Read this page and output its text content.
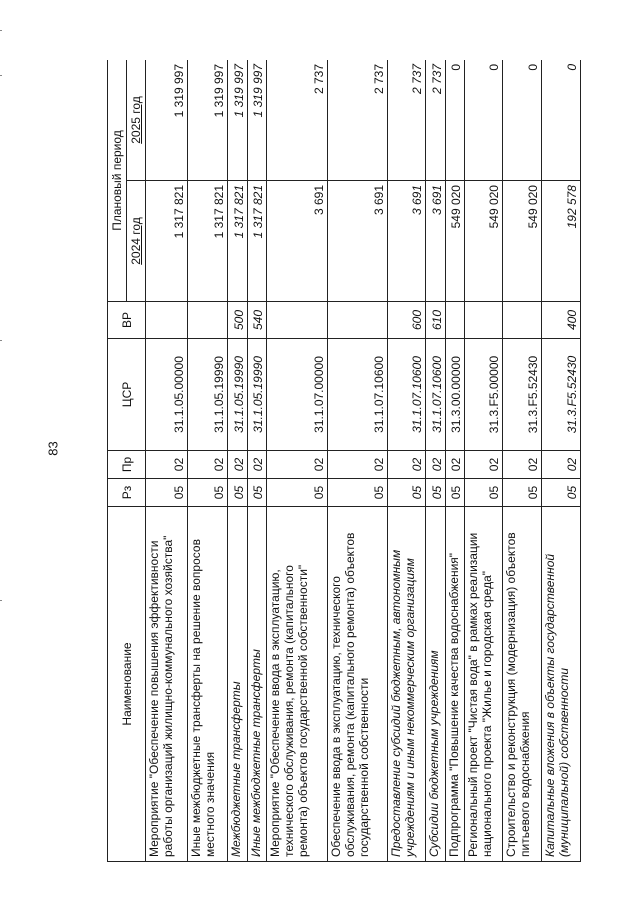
83
Наименование	Рз	Пр	ЦСР	ВР	Плановый период	
					2024 год	2025 год
Мероприятие "Обеспечение повышения эффективности работы организаций жилищно-коммунального хозяйства"	05	02	31.1.05.00000		1 317 821	1 319 997
Иные межбюджетные трансферты на решение вопросов местного значения	05	02	31.1.05.19990		1 317 821	1 319 997
Межбюджетные трансферты	05	02	31.1.05.19990	500	1 317 821	1 319 997
Иные межбюджетные трансферты	05	02	31.1.05.19990	540	1 317 821	1 319 997
Мероприятие "Обеспечение ввода в эксплуатацию, технического обслуживания, ремонта (капитального ремонта) объектов государственной собственности"	05	02	31.1.07.00000		3 691	2 737
Обеспечение ввода в эксплуатацию, технического обслуживания, ремонта (капитального ремонта) объектов государственной собственности	05	02	31.1.07.10600		3 691	2 737
Предоставление субсидий бюджетным, автономным учреждениям и иным некоммерческим организациям	05	02	31.1.07.10600	600	3 691	2 737
Субсидии бюджетным учреждениям	05	02	31.1.07.10600	610	3 691	2 737
Подпрограмма "Повышение качества водоснабжения"	05	02	31.3.00.00000		549 020	0
Региональный проект "Чистая вода" в рамках реализации национального проекта "Жилье и городская среда"	05	02	31.3.F5.00000		549 020	0
Строительство и реконструкция (модернизация) объектов питьевого водоснабжения	05	02	31.3.F5.52430		549 020	0
Капитальные вложения в объекты государственной (муниципальной) собственности	05	02	31.3.F5.52430	400	192 578	0
